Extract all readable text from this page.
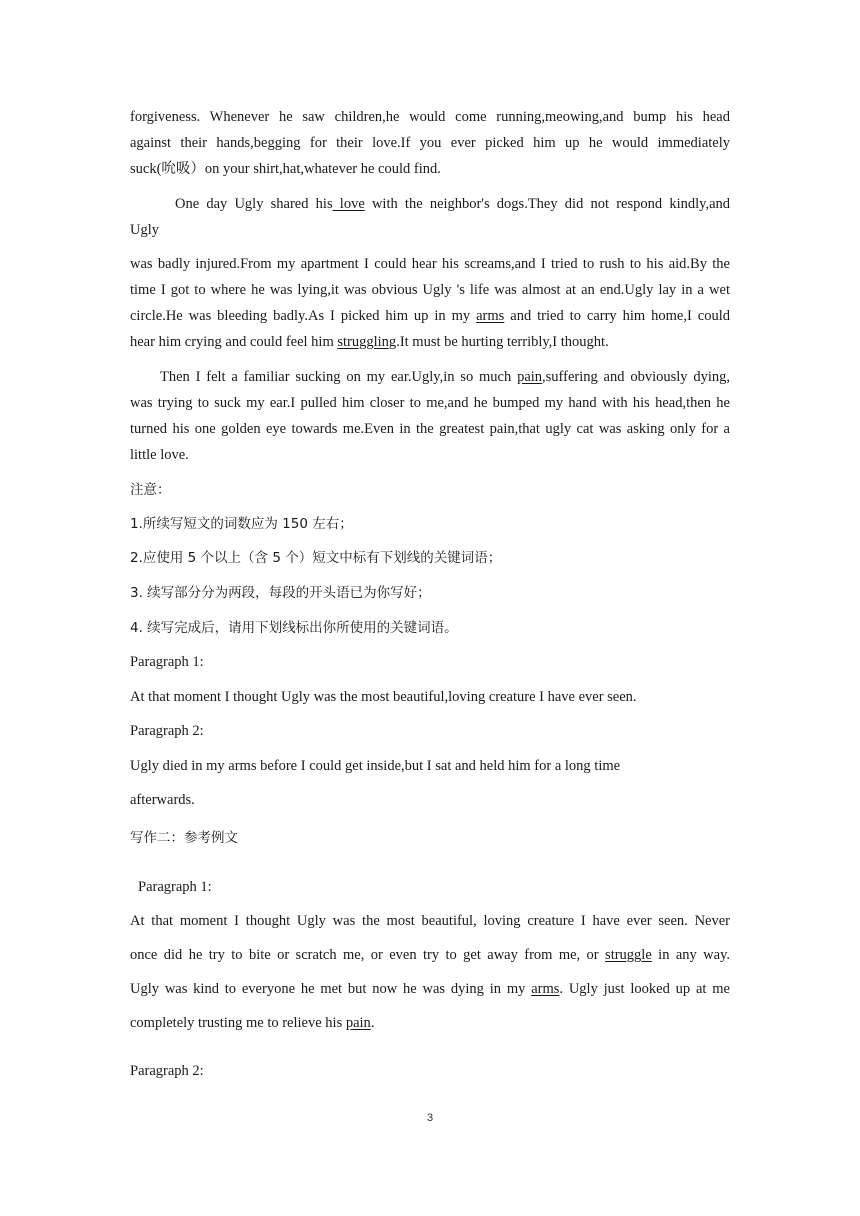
forgiveness. Whenever he saw children,he would come running,meowing,and bump his head
against their hands,begging for their love.If you ever picked him up he would immediately
suck(吮吸）on your shirt,hat,whatever he could find.
One day Ugly shared his love with the neighbor's dogs.They did not respond kindly,and
Ugly
was badly injured.From my apartment I could hear his screams,and I tried to rush to his aid.By the
time I got to where he was lying,it was obvious Ugly 's life was almost at an end.Ugly lay in a wet
circle.He was bleeding badly.As I picked him up in my arms and tried to carry him home,I could
hear him crying and could feel him struggling.It must be hurting terribly,I thought.
Then I felt a familiar sucking on my ear.Ugly,in so much pain,suffering and obviously dying,
was trying to suck my ear.I pulled him closer to me,and he bumped my hand with his head,then he
turned his one golden eye towards me.Even in the greatest pain,that ugly cat was asking only for a
little love.
注意：
1.所续写短文的词数应为 150 左右；
2.应使用 5 个以上（含 5 个）短文中标有下划线的关键词语；
3. 续写部分分为两段，每段的开头语已为你写好；
4. 续写完成后，请用下划线标出你所使用的关键词语。
Paragraph 1:
At that moment I thought Ugly was the most beautiful,loving creature I have ever seen.
Paragraph 2:
Ugly died in my arms before I could get inside,but I sat and held him for a long time
afterwards.
写作二：参考例文
Paragraph 1:
At that moment I thought Ugly was the most beautiful, loving creature I have ever seen. Never
once did he try to bite or scratch me, or even try to get away from me, or struggle in any way.
Ugly was kind to everyone he met but now he was dying in my arms. Ugly just looked up at me
completely trusting me to relieve his pain.
Paragraph 2:
3
